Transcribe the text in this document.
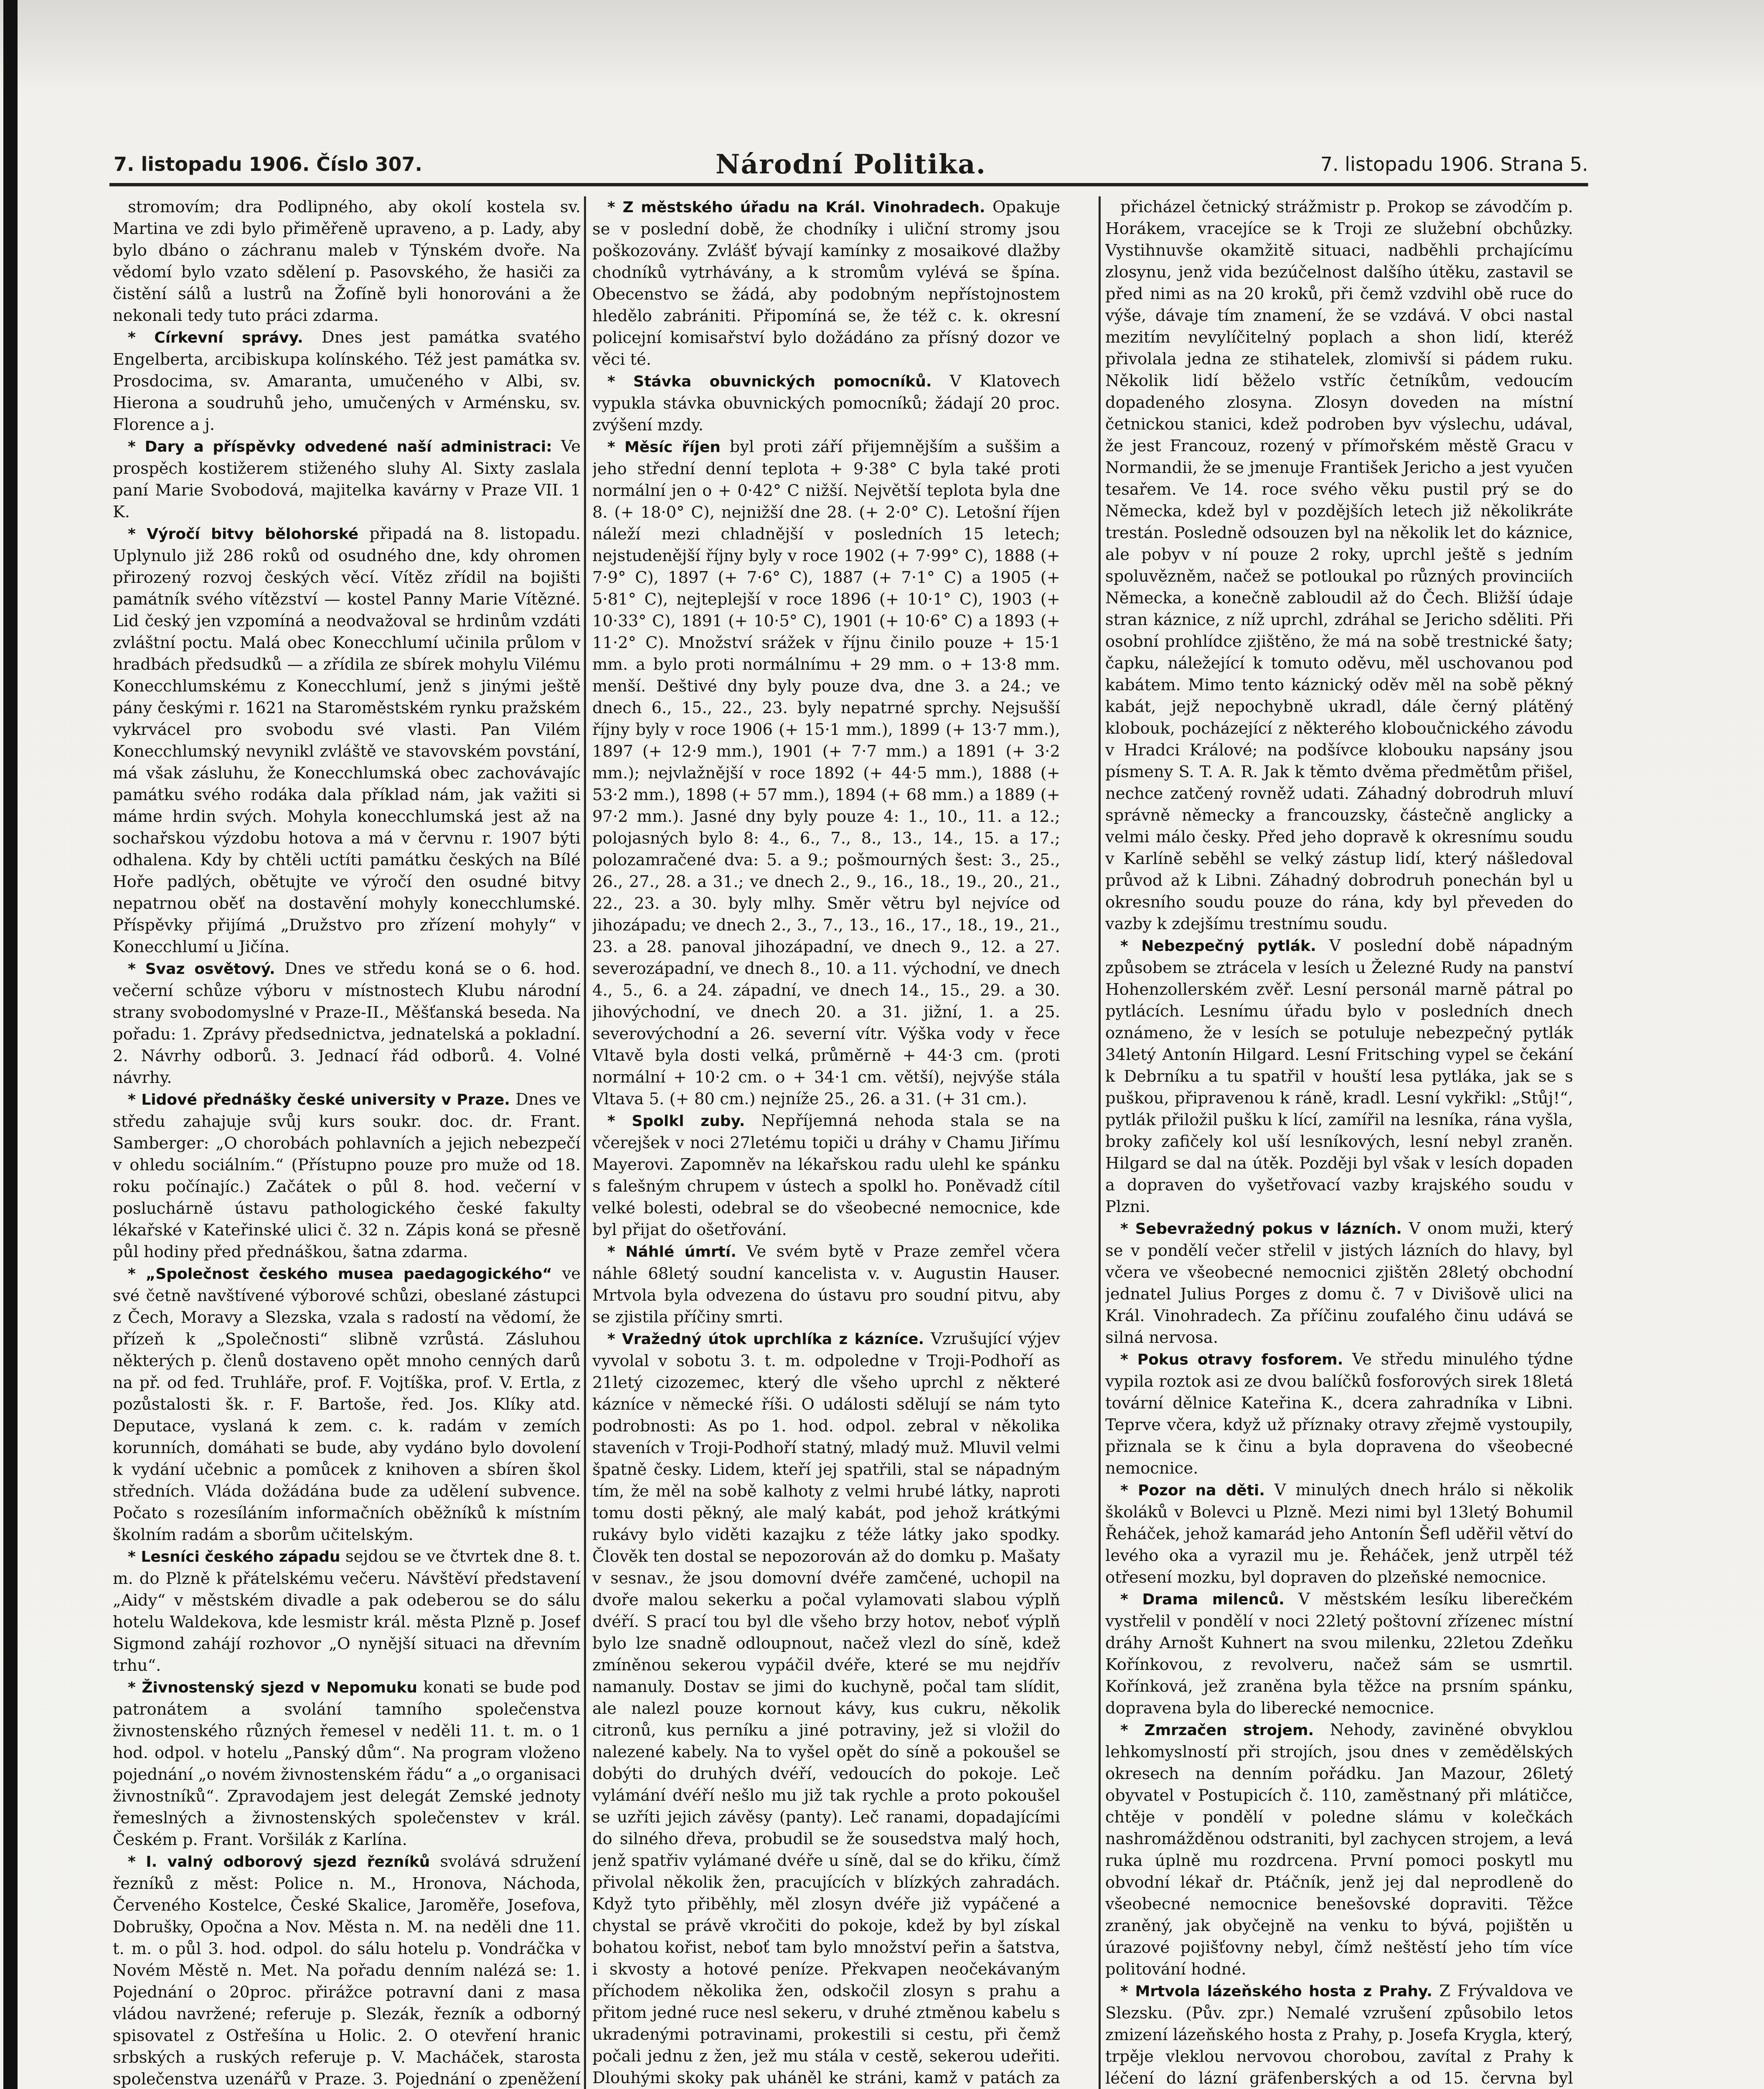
7. listopadu 1906. Číslo 307.	Národní Politika.	7. listopadu 1906. Strana 5.

stromovím; dra Podlipného, aby okolí kostela sv. Martina ve zdi bylo přiměřeně upraveno, a p. Lady, aby bylo dbáno o záchranu maleb v Týnském dvoře. Na vědomí bylo vzato sdělení p. Pasovského, že hasiči za čistění sálů a lustrů na Žofíně byli honorováni a že nekonali tedy tuto práci zdarma.

* Církevní správy. Dnes jest památka svatého Engelberta, arcibiskupa kolínského. Též jest památka sv. Prosdocima, sv. Amaranta, umučeného v Albi, sv. Hierona a soudruhů jeho, umučených v Arménsku, sv. Florence a j.

* Dary a příspěvky odvedené naší administraci: Ve prospěch kostižerem stiženého sluhy Al. Sixty zaslala paní Marie Svobodová, majitelka kavárny v Praze VII. 1 K.

* Výročí bitvy bělohorské připadá na 8. listopadu. Uplynulo již 286 roků od osudného dne, kdy ohromen přirozený rozvoj českých věcí. Vítěz zřídil na bojišti památník svého vítězství — kostel Panny Marie Vítězné. Lid český jen vzpomíná a neodvažoval se hrdinům vzdáti zvláštní poctu. Malá obec Konecchlumí učinila průlom v hradbách předsudků — a zřídila ze sbírek mohylu Vilému Konecchlumskému z Konecchlumí, jenž s jinými ještě pány českými r. 1621 na Staroměstském rynku pražském vykrvácel pro svobodu své vlasti. Pan Vilém Konecchlumský nevynikl zvláště ve stavovském povstání, má však zásluhu, že Konecchlumská obec zachovávajíc památku svého rodáka dala příklad nám, jak važiti si máme hrdin svých. Mohyla konecchlumská jest až na sochařskou výzdobu hotova a má v červnu r. 1907 býti odhalena. Kdy by chtěli uctíti památku českých na Bílé Hoře padlých, obětujte ve výročí den osudné bitvy nepatrnou oběť na dostavění mohyly konecchlumské. Příspěvky přijímá „Družstvo pro zřízení mohyly“ v Konecchlumí u Jičína.

* Svaz osvětový. Dnes ve středu koná se o 6. hod. večerní schůze výboru v místnostech Klubu národní strany svobodomyslné v Praze-II., Měšťanská beseda. Na pořadu: 1. Zprávy předsednictva, jednatelská a pokladní. 2. Návrhy odborů. 3. Jednací řád odborů. 4. Volné návrhy.

* Lidové přednášky české university v Praze. Dnes ve středu zahajuje svůj kurs soukr. doc. dr. Frant. Samberger: „O chorobách pohlavních a jejich nebezpečí v ohledu sociálním.“ (Přístupno pouze pro muže od 18. roku počínajíc.) Začátek o půl 8. hod. večerní v posluchárně ústavu pathologického české fakulty lékařské v Kateřinské ulici č. 32 n. Zápis koná se přesně půl hodiny před přednáškou, šatna zdarma.

* „Společnost českého musea paedagogického“ ve své četně navštívené výborové schůzi, obeslané zástupci z Čech, Moravy a Slezska, vzala s radostí na vědomí, že přízeň k „Společnosti“ slibně vzrůstá. Zásluhou některých p. členů dostaveno opět mnoho cenných darů na př. od fed. Truhláře, prof. F. Vojtíška, prof. V. Ertla, z pozůstalosti šk. r. F. Bartoše, řed. Jos. Klíky atd. Deputace, vyslaná k zem. c. k. radám v zemích korunních, domáhati se bude, aby vydáno bylo dovolení k vydání učebnic a pomůcek z knihoven a sbíren škol středních. Vláda dožádána bude za udělení subvence. Počato s rozesíláním informačních oběžníků k místním školním radám a sborům učitelským.

* Lesníci českého západu sejdou se ve čtvrtek dne 8. t. m. do Plzně k přátelskému večeru. Návštěví představení „Aidy“ v městském divadle a pak odeberou se do sálu hotelu Waldekova, kde lesmistr král. města Plzně p. Josef Sigmond zahájí rozhovor „O nynější situaci na dřevním trhu“.

* Živnostenský sjezd v Nepomuku konati se bude pod patronátem a svolání tamního společenstva živnostenského různých řemesel v neděli 11. t. m. o 1 hod. odpol. v hotelu „Panský dům“. Na program vloženo pojednání „o novém živnostenském řádu“ a „o organisaci živnostníků“. Zpravodajem jest delegát Zemské jednoty řemeslných a živnostenských společenstev v král. Českém p. Frant. Voršilák z Karlína.

* I. valný odborový sjezd řezníků svolává sdružení řezníků z měst: Police n. M., Hronova, Náchoda, Červeného Kostelce, České Skalice, Jaroměře, Josefova, Dobrušky, Opočna a Nov. Města n. M. na neděli dne 11. t. m. o půl 3. hod. odpol. do sálu hotelu p. Vondráčka v Novém Městě n. Met. Na pořadu denním nalézá se: 1. Pojednání o 20proc. přirážce potravní dani z masa vládou navržené; referuje p. Slezák, řezník a odborný spisovatel z Ostřešína u Holic. 2. O otevření hranic srbských a ruských referuje p. V. Macháček, starosta společenstva uzenářů v Praze. 3. Pojednání o zpeněžení

* Z městského úřadu na Král. Vinohradech. Opakuje se v poslední době, že chodníky i uliční stromy jsou poškozovány. Zvlášť bývají kamínky z mosaikové dlažby chodníků vytrhávány, a k stromům vylévá se špína. Obecenstvo se žádá, aby podobným nepřístojnostem hledělo zabrániti. Připomíná se, že též c. k. okresní policejní komisařství bylo dožádáno za přísný dozor ve věci té.

* Stávka obuvnických pomocníků. V Klatovech vypukla stávka obuvnických pomocníků; žádají 20 proc. zvýšení mzdy.

* Měsíc říjen byl proti září přijemnějším a suššim a jeho střední denní teplota + 9·38° C byla také proti normální jen o + 0·42° C nižší. Největší teplota byla dne 8. (+ 18·0° C), nejnižší dne 28. (+ 2·0° C). Letošní říjen náleží mezi chladnější v posledních 15 letech; nejstudenější říjny byly v roce 1902 (+ 7·99° C), 1888 (+ 7·9° C), 1897 (+ 7·6° C), 1887 (+ 7·1° C) a 1905 (+ 5·81° C), nejteplejší v roce 1896 (+ 10·1° C), 1903 (+ 10·33° C), 1891 (+ 10·5° C), 1901 (+ 10·6° C) a 1893 (+ 11·2° C). Množství srážek v říjnu činilo pouze + 15·1 mm. a bylo proti normálnímu + 29 mm. o + 13·8 mm. menší. Deštivé dny byly pouze dva, dne 3. a 24.; ve dnech 6., 15., 22., 23. byly nepatrné sprchy. Nejsušší říjny byly v roce 1906 (+ 15·1 mm.), 1899 (+ 13·7 mm.), 1897 (+ 12·9 mm.), 1901 (+ 7·7 mm.) a 1891 (+ 3·2 mm.); nejvlažnější v roce 1892 (+ 44·5 mm.), 1888 (+ 53·2 mm.), 1898 (+ 57 mm.), 1894 (+ 68 mm.) a 1889 (+ 97·2 mm.). Jasné dny byly pouze 4: 1., 10., 11. a 12.; polojasných bylo 8: 4., 6., 7., 8., 13., 14., 15. a 17.; polozamračené dva: 5. a 9.; pošmourných šest: 3., 25., 26., 27., 28. a 31.; ve dnech 2., 9., 16., 18., 19., 20., 21., 22., 23. a 30. byly mlhy. Směr větru byl nejvíce od jihozápadu; ve dnech 2., 3., 7., 13., 16., 17., 18., 19., 21., 23. a 28. panoval jihozápadní, ve dnech 9., 12. a 27. severozápadní, ve dnech 8., 10. a 11. východní, ve dnech 4., 5., 6. a 24. západní, ve dnech 14., 15., 29. a 30. jihovýchodní, ve dnech 20. a 31. jižní, 1. a 25. severovýchodní a 26. severní vítr. Výška vody v řece Vltavě byla dosti velká, průměrně + 44·3 cm. (proti normální + 10·2 cm. o + 34·1 cm. větší), nejvýše stála Vltava 5. (+ 80 cm.) nejníže 25., 26. a 31. (+ 31 cm.).

* Spolkl zuby. Nepříjemná nehoda stala se na včerejšek v noci 27letému topiči u dráhy v Chamu Jiřímu Mayerovi. Zapomněv na lékařskou radu ulehl ke spánku s falešným chrupem v ústech a spolkl ho. Poněvadž cítil velké bolesti, odebral se do všeobecné nemocnice, kde byl přijat do ošetřování.

* Náhlé úmrtí. Ve svém bytě v Praze zemřel včera náhle 68letý soudní kancelista v. v. Augustin Hauser. Mrtvola byla odvezena do ústavu pro soudní pitvu, aby se zjistila příčiny smrti.

* Vražedný útok uprchlíka z kázníce. Vzrušující výjev vyvolal v sobotu 3. t. m. odpoledne v Troji-Podhoří as 21letý cizozemec, který dle všeho uprchl z některé kázníce v německé říši. O události sdělují se nám tyto podrobnosti: As po 1. hod. odpol. zebral v několika staveních v Troji-Podhoří statný, mladý muž. Mluvil velmi špatně česky. Lidem, kteří jej spatřili, stal se nápadným tím, že měl na sobě kalhoty z velmi hrubé látky, naproti tomu dosti pěkný, ale malý kabát, pod jehož krátkými rukávy bylo viděti kazajku z téže látky jako spodky. Člověk ten dostal se nepozorován až do domku p. Mašaty v sesnav., že jsou domovní dvéře zamčené, uchopil na dvoře malou sekerku a počal vylamovati slabou výplň dvéří. S prací tou byl dle všeho brzy hotov, neboť výplň bylo lze snadně odloupnout, načež vlezl do síně, kdež zmíněnou sekerou vypáčil dvéře, které se mu nejdřív namanuly. Dostav se jimi do kuchyně, počal tam slídit, ale nalezl pouze kornout kávy, kus cukru, několik citronů, kus perníku a jiné potraviny, jež si vložil do nalezené kabely. Na to vyšel opět do síně a pokoušel se dobýti do druhých dvéří, vedoucích do pokoje. Leč vylámání dvéří nešlo mu již tak rychle a proto pokoušel se uzříti jejich závěsy (panty). Leč ranami, dopadajícími do silného dřeva, probudil se že sousedstva malý hoch, jenž spatřiv vylámané dvéře u síně, dal se do křiku, čímž přivolal několik žen, pracujících v blízkých zahradách. Když tyto přiběhly, měl zlosyn dvéře již vypáčené a chystal se právě vkročiti do pokoje, kdež by byl získal bohatou kořist, neboť tam bylo množství peřin a šatstva, i skvosty a hotové peníze. Překvapen neočekávaným příchodem několika žen, odskočil zlosyn s prahu a přitom jedné ruce nesl sekeru, v druhé ztměnou kabelu s ukradenými potravinami, prokestili si cestu, při čemž počali jednu z žen, jež mu stála v cestě, sekerou udeřiti. Dlouhými skoky pak uháněl ke stráni, kamž v patách za

přicházel četnický strážmistr p. Prokop se závodčím p. Horákem, vracejíce se k Troji ze služební obchůzky. Vystihnuvše okamžitě situaci, nadběhli prchajícímu zlosynu, jenž vida bezúčelnost dalšího útěku, zastavil se před nimi as na 20 kroků, při čemž vzdvihl obě ruce do výše, dávaje tím znamení, že se vzdává. V obci nastal mezitím nevylíčitelný poplach a shon lidí, kteréž přivolala jedna ze stihatelek, zlomivší si pádem ruku. Několik lidí běželo vstříc četníkům, vedoucím dopadeného zlosyna. Zlosyn doveden na místní četnickou stanici, kdež podroben byv výslechu, udával, že jest Francouz, rozený v přímořském městě Gracu v Normandii, že se jmenuje František Jericho a jest vyučen tesařem. Ve 14. roce svého věku pustil prý se do Německa, kdež byl v pozdějších letech již několikráte trestán. Posledně odsouzen byl na několik let do káznice, ale pobyv v ní pouze 2 roky, uprchl ještě s jedním spoluvězněm, načež se potloukal po různých provinciích Německa, a konečně zabloudil až do Čech. Bližší údaje stran káznice, z níž uprchl, zdráhal se Jericho sděliti. Při osobní prohlídce zjištěno, že má na sobě trestnické šaty; čapku, náležející k tomuto oděvu, měl uschovanou pod kabátem. Mimo tento káznický oděv měl na sobě pěkný kabát, jejž nepochybně ukradl, dále černý plátěný klobouk, pocházející z některého kloboučnického závodu v Hradci Králové; na podšívce klobouku napsány jsou písmeny S. T. A. R. Jak k těmto dvěma předmětům přišel, nechce zatčený rovněž udati. Záhadný dobrodruh mluví správně německy a francouzsky, částečně anglicky a velmi málo česky. Před jeho dopravě k okresnímu soudu v Karlíně seběhl se velký zástup lidí, který nášledoval průvod až k Libni. Záhadný dobrodruh ponechán byl u okresního soudu pouze do rána, kdy byl převeden do vazby k zdejšímu trestnímu soudu.

* Nebezpečný pytlák. V poslední době nápadným způsobem se ztrácela v lesích u Železné Rudy na panství Hohenzollerském zvěř. Lesní personál marně pátral po pytlácích. Lesnímu úřadu bylo v posledních dnech oznámeno, že v lesích se potuluje nebezpečný pytlák 34letý Antonín Hilgard. Lesní Fritsching vypel se čekání k Debrníku a tu spatřil v houští lesa pytláka, jak se s puškou, připravenou k ráně, kradl. Lesní vykřikl: „Stůj!“, pytlák přiložil pušku k lící, zamířil na lesníka, rána vyšla, broky zafičely kol uší lesníkových, lesní nebyl zraněn. Hilgard se dal na útěk. Později byl však v lesích dopaden a dopraven do vyšetřovací vazby krajského soudu v Plzni.

* Sebevražedný pokus v lázních. V onom muži, který se v pondělí večer střelil v jistých lázních do hlavy, byl včera ve všeobecné nemocnici zjištěn 28letý obchodní jednatel Julius Porges z domu č. 7 v Divišově ulici na Král. Vinohradech. Za příčinu zoufalého činu udává se silná nervosa.

* Pokus otravy fosforem. Ve středu minulého týdne vypila roztok asi ze dvou balíčků fosforových sirek 18letá tovární dělnice Kateřina K., dcera zahradníka v Libni. Teprve včera, když už příznaky otravy zřejmě vystoupily, přiznala se k činu a byla dopravena do všeobecné nemocnice.

* Pozor na děti. V minulých dnech hrálo si několik školáků v Bolevci u Plzně. Mezi nimi byl 13letý Bohumil Řeháček, jehož kamarád jeho Antonín Šefl uděřil větví do levého oka a vyrazil mu je. Řeháček, jenž utrpěl též otřesení mozku, byl dopraven do plzeňské nemocnice.

* Drama milenců. V městském lesíku liberečkém vystřelil v pondělí v noci 22letý poštovní zřízenec místní dráhy Arnošt Kuhnert na svou milenku, 22letou Zdeňku Kořínkovou, z revolveru, načež sám se usmrtil. Kořínková, jež zraněna byla těžce na prsním spánku, dopravena byla do liberecké nemocnice.

* Zmrzačen strojem. Nehody, zaviněné obvyklou lehkomyslností při strojích, jsou dnes v zemědělských okresech na denním pořádku. Jan Mazour, 26letý obyvatel v Postupicích č. 110, zaměstnaný při mlátičce, chtěje v pondělí v poledne slámu v kolečkách nashromážděnou odstraniti, byl zachycen strojem, a levá ruka úplně mu rozdrcena. První pomoci poskytl mu obvodní lékař dr. Ptáčník, jenž jej dal neprodleně do všeobecné nemocnice benešovské dopraviti. Těžce zraněný, jak obyčejně na venku to bývá, pojištěn u úrazové pojišťovny nebyl, čímž neštěstí jeho tím více politování hodné.

* Mrtvola lázeňského hosta z Prahy. Z Frývaldova ve Slezsku. (Pův. zpr.) Nemalé vzrušení způsobilo letos zmizení lázeňského hosta z Prahy, p. Josefa Krygla, který, trpěje vleklou nervovou chorobou, zavítal z Prahy k léčení do lázní gräfenberských a od 15. června byl
